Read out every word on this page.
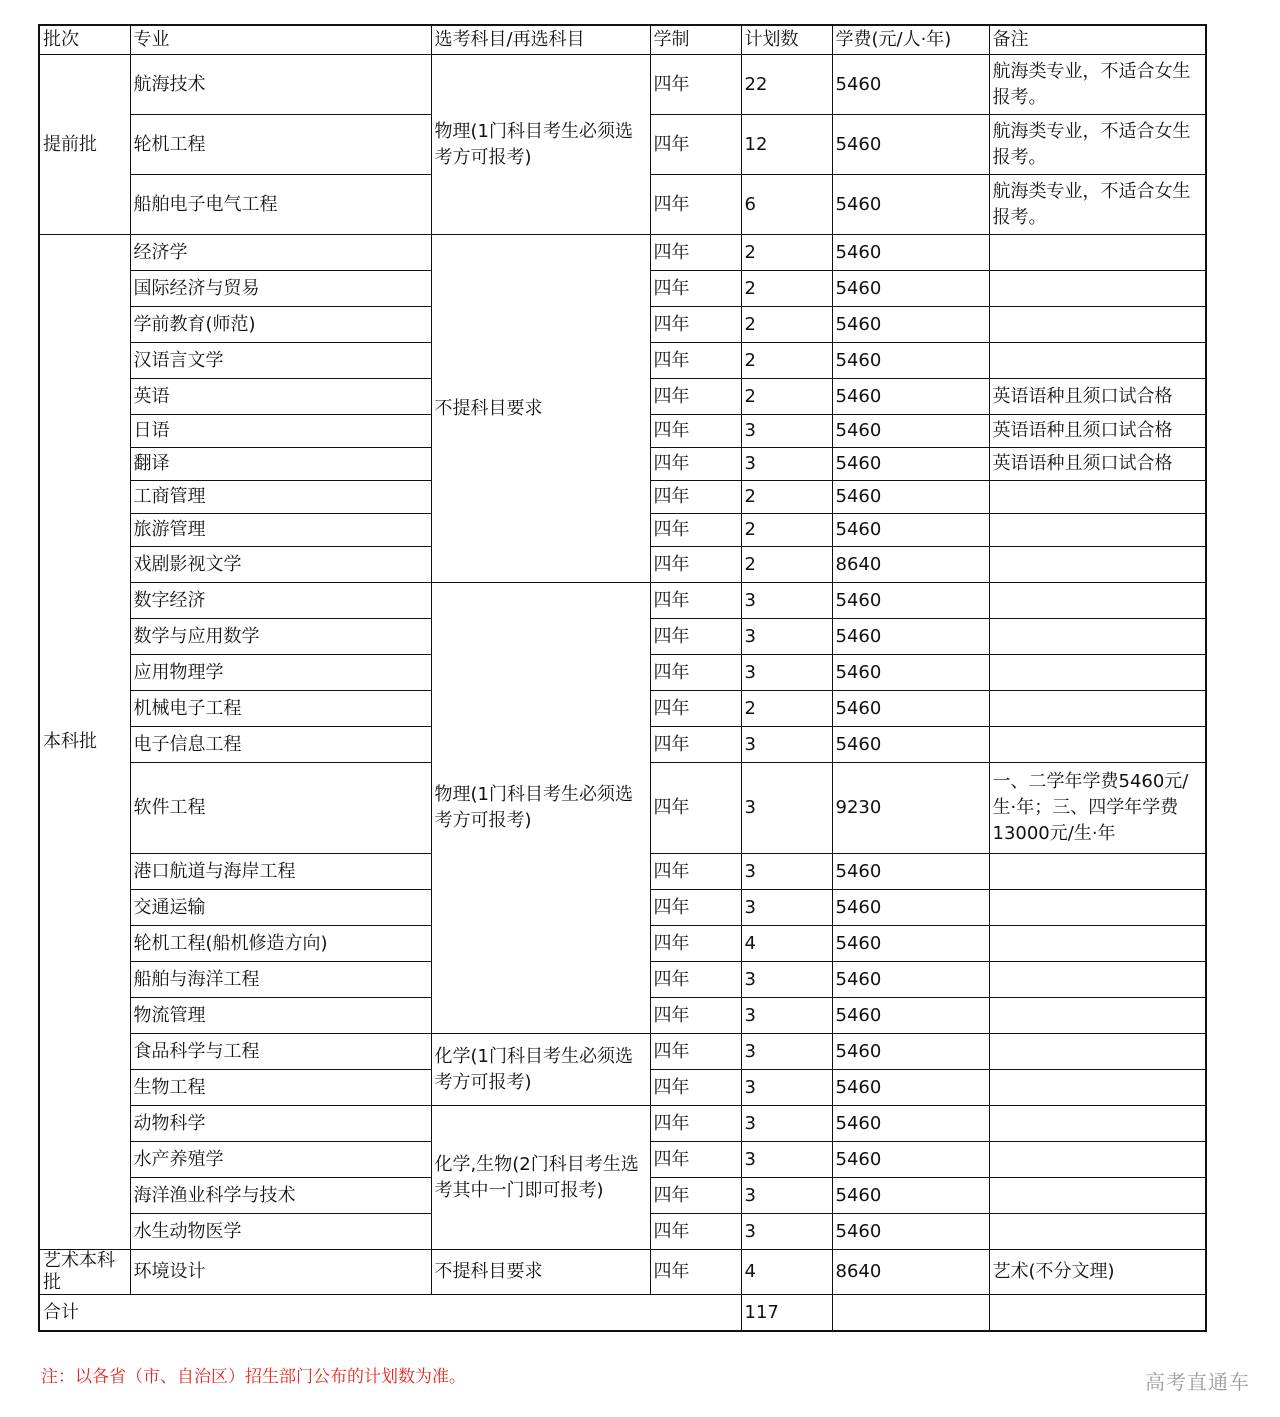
批次	专业	选考科目/再选科目	学制	计划数	学费(元/人·年)	备注
提前批	航海技术	物理(1门科目考生必须选考方可报考)	四年	22	5460	航海类专业，不适合女生报考。
	轮机工程		四年	12	5460	航海类专业，不适合女生报考。
	船舶电子电气工程		四年	6	5460	航海类专业，不适合女生报考。
本科批	经济学	不提科目要求	四年	2	5460	
	国际经济与贸易		四年	2	5460	
	学前教育(师范)		四年	2	5460	
	汉语言文学		四年	2	5460	
	英语		四年	2	5460	英语语种且须口试合格
	日语		四年	3	5460	英语语种且须口试合格
	翻译		四年	3	5460	英语语种且须口试合格
	工商管理		四年	2	5460	
	旅游管理		四年	2	5460	
	戏剧影视文学		四年	2	8640	
	数字经济	物理(1门科目考生必须选考方可报考)	四年	3	5460	
	数学与应用数学		四年	3	5460	
	应用物理学		四年	3	5460	
	机械电子工程		四年	2	5460	
	电子信息工程		四年	3	5460	
	软件工程		四年	3	9230	一、二学年学费5460元/生·年；三、四学年学费13000元/生·年
	港口航道与海岸工程		四年	3	5460	
	交通运输		四年	3	5460	
	轮机工程(船机修造方向)		四年	4	5460	
	船舶与海洋工程		四年	3	5460	
	物流管理		四年	3	5460	
	食品科学与工程	化学(1门科目考生必须选考方可报考)	四年	3	5460	
	生物工程		四年	3	5460	
	动物科学	化学,生物(2门科目考生选考其中一门即可报考)	四年	3	5460	
	水产养殖学		四年	3	5460	
	海洋渔业科学与技术		四年	3	5460	
	水生动物医学		四年	3	5460	
艺术本科批	环境设计	不提科目要求	四年	4	8640	艺术(不分文理)
合计				117		
注：以各省（市、自治区）招生部门公布的计划数为准。	高考直通车
